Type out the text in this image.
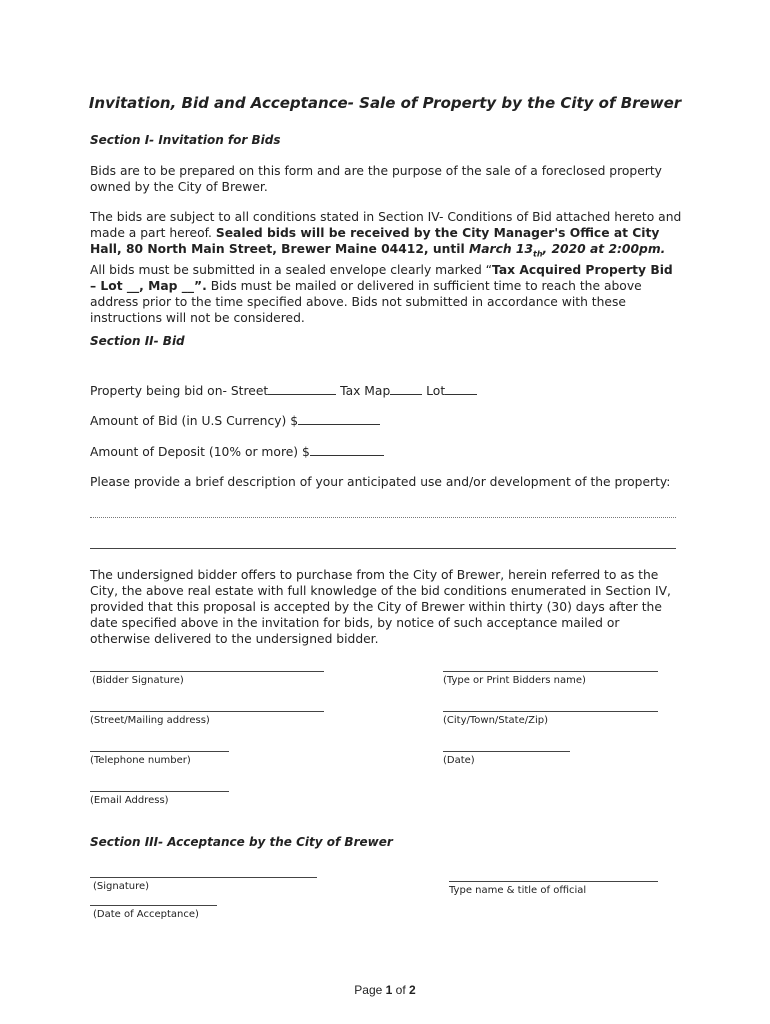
Invitation, Bid and Acceptance- Sale of Property by the City of Brewer
Section I- Invitation for Bids
Bids are to be prepared on this form and are the purpose of the sale of a foreclosed property owned by the City of Brewer.
The bids are subject to all conditions stated in Section IV- Conditions of Bid attached hereto and made a part hereof. Sealed bids will be received by the City Manager's Office at City Hall, 80 North Main Street, Brewer Maine 04412, until March $13_{th}$, 2020 at 2:00pm. All bids must be submitted in a sealed envelope clearly marked “Tax Acquired Property Bid – Lot __, Map __”. Bids must be mailed or delivered in sufficient time to reach the above address prior to the time specified above. Bids not submitted in accordance with these instructions will not be considered.
Section II- Bid
Property being bid on- Street	Tax Map	Lot
Amount of Bid (in U.S Currency) $
Amount of Deposit (10% or more) $
Please provide a brief description of your anticipated use and/or development of the property:
The undersigned bidder offers to purchase from the City of Brewer, herein referred to as the City, the above real estate with full knowledge of the bid conditions enumerated in Section IV, provided that this proposal is accepted by the City of Brewer within thirty (30) days after the date specified above in the invitation for bids, by notice of such acceptance mailed or otherwise delivered to the undersigned bidder.
(Bidder Signature)	(Type or Print Bidders name)
(Street/Mailing address)	(City/Town/State/Zip)
(Telephone number)	(Date)
(Email Address)
Section III- Acceptance by the City of Brewer
(Signature)	Type name & title of official
(Date of Acceptance)
Page 1 of 2
